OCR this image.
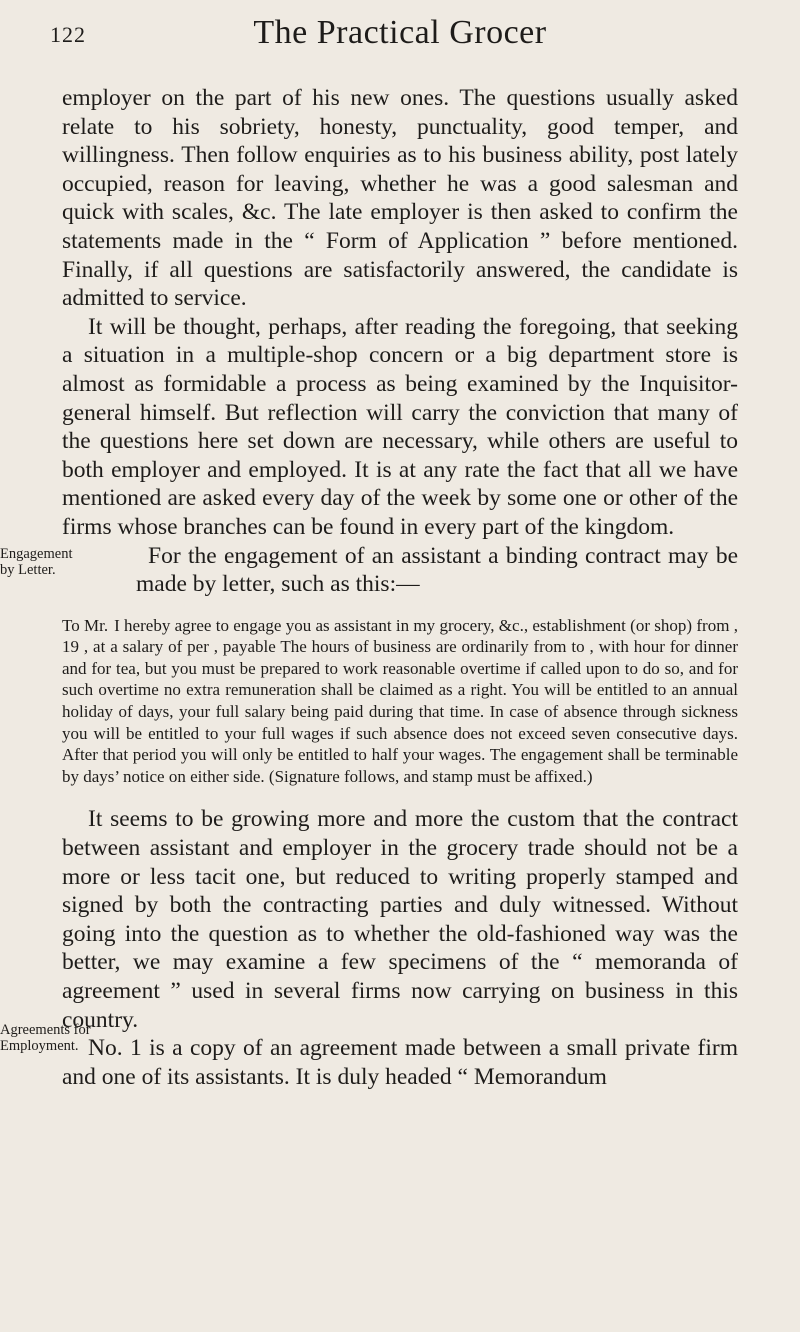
122	The Practical Grocer

employer on the part of his new ones. The questions usually asked relate to his sobriety, honesty, punctuality, good temper, and willingness. Then follow enquiries as to his business ability, post lately occupied, reason for leaving, whether he was a good salesman and quick with scales, &c. The late employer is then asked to confirm the statements made in the “ Form of Application ” before mentioned. Finally, if all questions are satisfactorily answered, the candidate is admitted to service.

It will be thought, perhaps, after reading the foregoing, that seeking a situation in a multiple-shop concern or a big department store is almost as formidable a process as being examined by the Inquisitor-general himself. But reflection will carry the conviction that many of the questions here set down are necessary, while others are useful to both employer and employed. It is at any rate the fact that all we have mentioned are asked every day of the week by some one or other of the firms whose branches can be found in every part of the kingdom.

Engagement
by Letter.

For the engagement of an assistant a binding contract may be made by letter, such as this:—

To Mr. I hereby agree to engage you as assistant in my grocery, &c., establishment (or shop) from , 19 , at a salary of per , payable The hours of business are ordinarily from to , with hour for dinner and for tea, but you must be prepared to work reasonable overtime if called upon to do so, and for such overtime no extra remuneration shall be claimed as a right. You will be entitled to an annual holiday of days, your full salary being paid during that time. In case of absence through sickness you will be entitled to your full wages if such absence does not exceed seven consecutive days. After that period you will only be entitled to half your wages. The engagement shall be terminable by days’ notice on either side. (Signature follows, and stamp must be affixed.)

It seems to be growing more and more the custom that the contract between assistant and employer in the grocery trade should not be a more or less tacit one, but reduced to writing properly stamped and signed by both the contracting parties and duly witnessed. Without going into the question as to whether the old-fashioned way was the better, we may examine a few specimens of the “ memoranda of agreement ” used in several firms now carrying on business in this country.

Agreements for
Employment. No. 1 is a copy of an agreement made between a small private firm and one of its assistants. It is duly headed “ Memorandum
